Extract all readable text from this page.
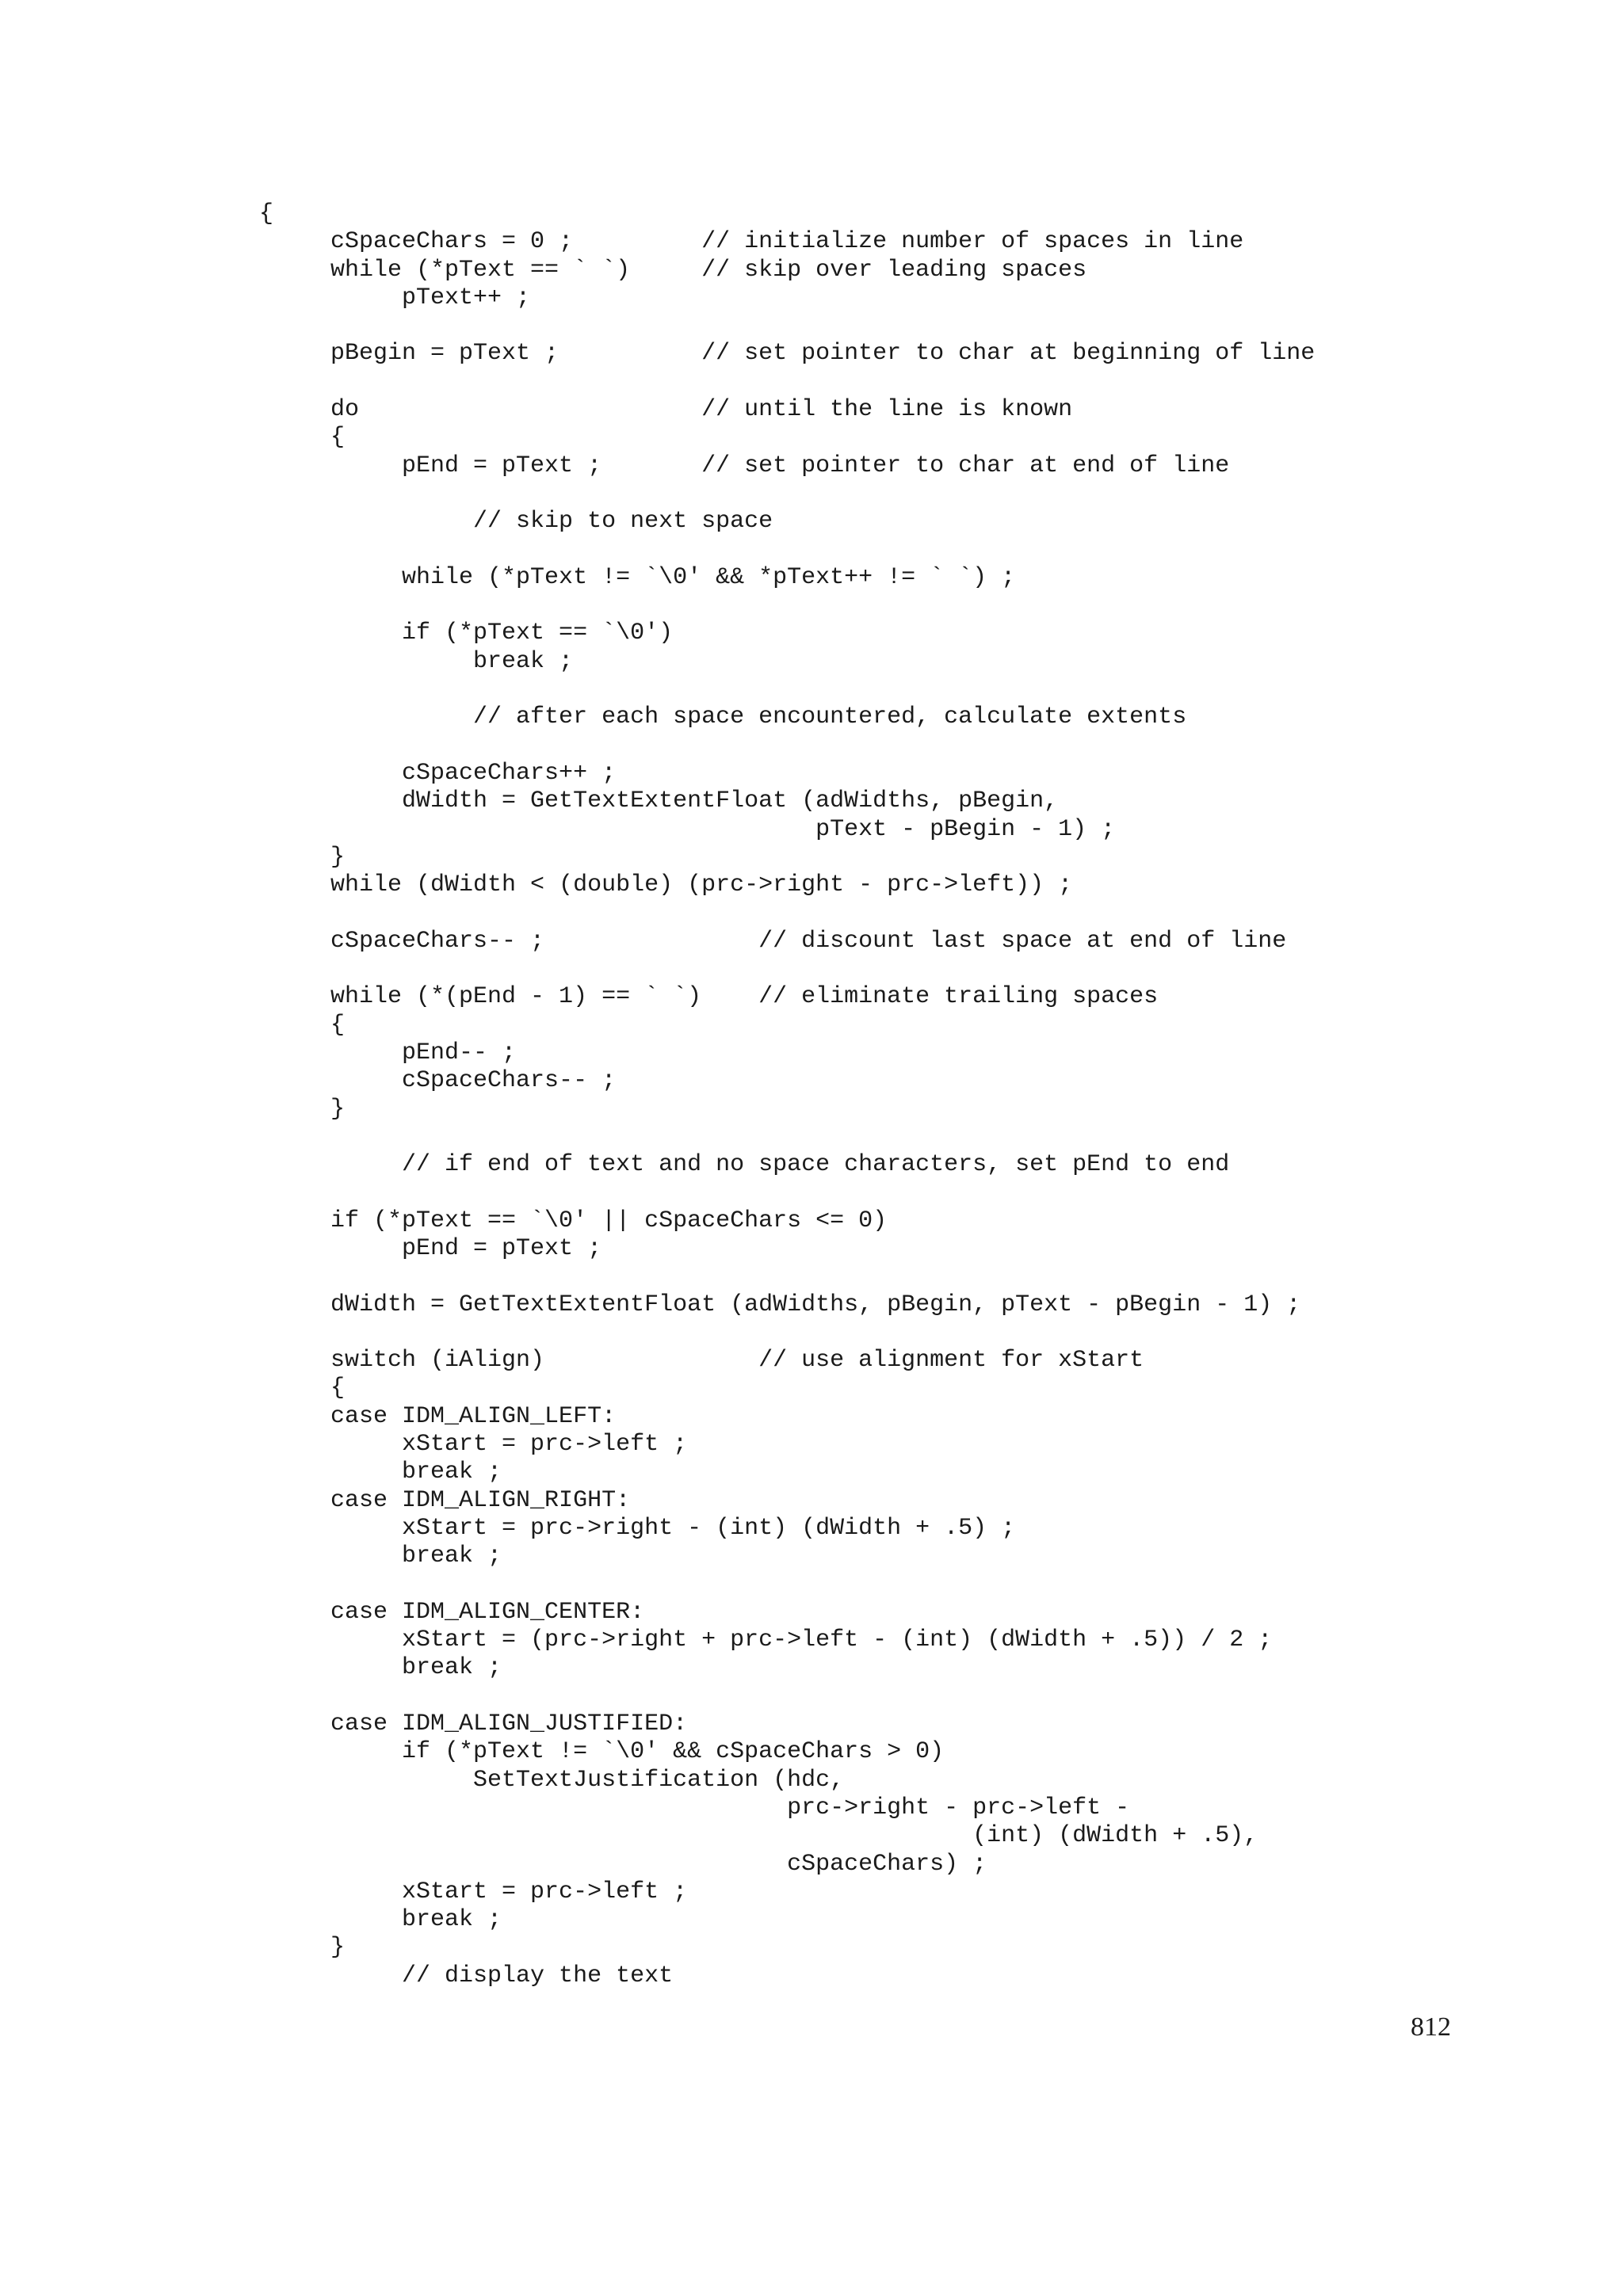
{
cSpaceChars = 0 ;         // initialize number of spaces in line
while (*pText == ` `)     // skip over leading spaces
pText++ ;
pBegin = pText ;          // set pointer to char at beginning of line
do                        // until the line is known
{
pEnd = pText ;       // set pointer to char at end of line
// skip to next space
while (*pText != `\0' && *pText++ != ` `) ;
if (*pText == `\0')
break ;
// after each space encountered, calculate extents
cSpaceChars++ ;
dWidth = GetTextExtentFloat (adWidths, pBegin,
pText - pBegin - 1) ;
}
while (dWidth < (double) (prc->right - prc->left)) ;
cSpaceChars-- ;               // discount last space at end of line
while (*(pEnd - 1) == ` `)    // eliminate trailing spaces
{
pEnd-- ;
cSpaceChars-- ;
}
// if end of text and no space characters, set pEnd to end
if (*pText == `\0' || cSpaceChars <= 0)
pEnd = pText ;
dWidth = GetTextExtentFloat (adWidths, pBegin, pText - pBegin - 1) ;
switch (iAlign)               // use alignment for xStart
{
case IDM_ALIGN_LEFT:
xStart = prc->left ;
break ;
case IDM_ALIGN_RIGHT:
xStart = prc->right - (int) (dWidth + .5) ;
break ;
case IDM_ALIGN_CENTER:
xStart = (prc->right + prc->left - (int) (dWidth + .5)) / 2 ;
break ;
case IDM_ALIGN_JUSTIFIED:
if (*pText != `\0' && cSpaceChars > 0)
SetTextJustification (hdc,
prc->right - prc->left -
(int) (dWidth + .5),
cSpaceChars) ;
xStart = prc->left ;
break ;
}
// display the text
812
